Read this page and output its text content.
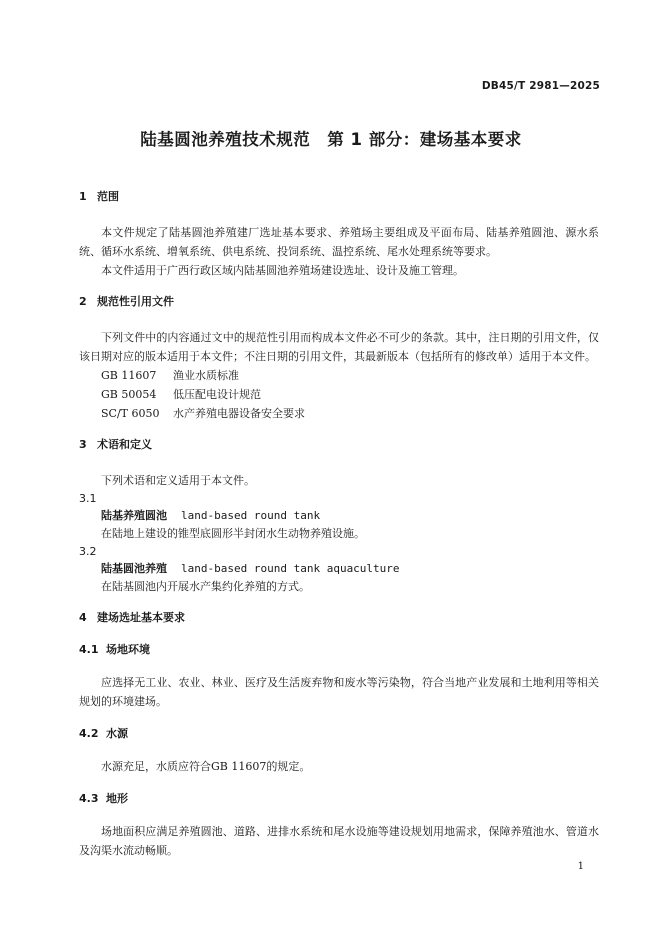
DB45/T 2981—2025
陆基圆池养殖技术规范　第 1 部分：建场基本要求
1 范围
本文件规定了陆基圆池养殖建厂选址基本要求、养殖场主要组成及平面布局、陆基养殖圆池、源水系统、循环水系统、增氧系统、供电系统、投饲系统、温控系统、尾水处理系统等要求。
本文件适用于广西行政区域内陆基圆池养殖场建设选址、设计及施工管理。
2 规范性引用文件
下列文件中的内容通过文中的规范性引用而构成本文件必不可少的条款。其中，注日期的引用文件，仅该日期对应的版本适用于本文件；不注日期的引用文件，其最新版本（包括所有的修改单）适用于本文件。
GB 11607 渔业水质标准
GB 50054 低压配电设计规范
SC/T 6050 水产养殖电器设备安全要求
3 术语和定义
下列术语和定义适用于本文件。
3.1
陆基养殖圆池 land-based round tank
在陆地上建设的锥型底圆形半封闭水生动物养殖设施。
3.2
陆基圆池养殖 land-based round tank aquaculture
在陆基圆池内开展水产集约化养殖的方式。
4 建场选址基本要求
4.1 场地环境
应选择无工业、农业、林业、医疗及生活废弃物和废水等污染物，符合当地产业发展和土地利用等相关规划的环境建场。
4.2 水源
水源充足，水质应符合GB 11607的规定。
4.3 地形
场地面积应满足养殖圆池、道路、进排水系统和尾水设施等建设规划用地需求，保障养殖池水、管道水及沟渠水流动畅顺。
1
